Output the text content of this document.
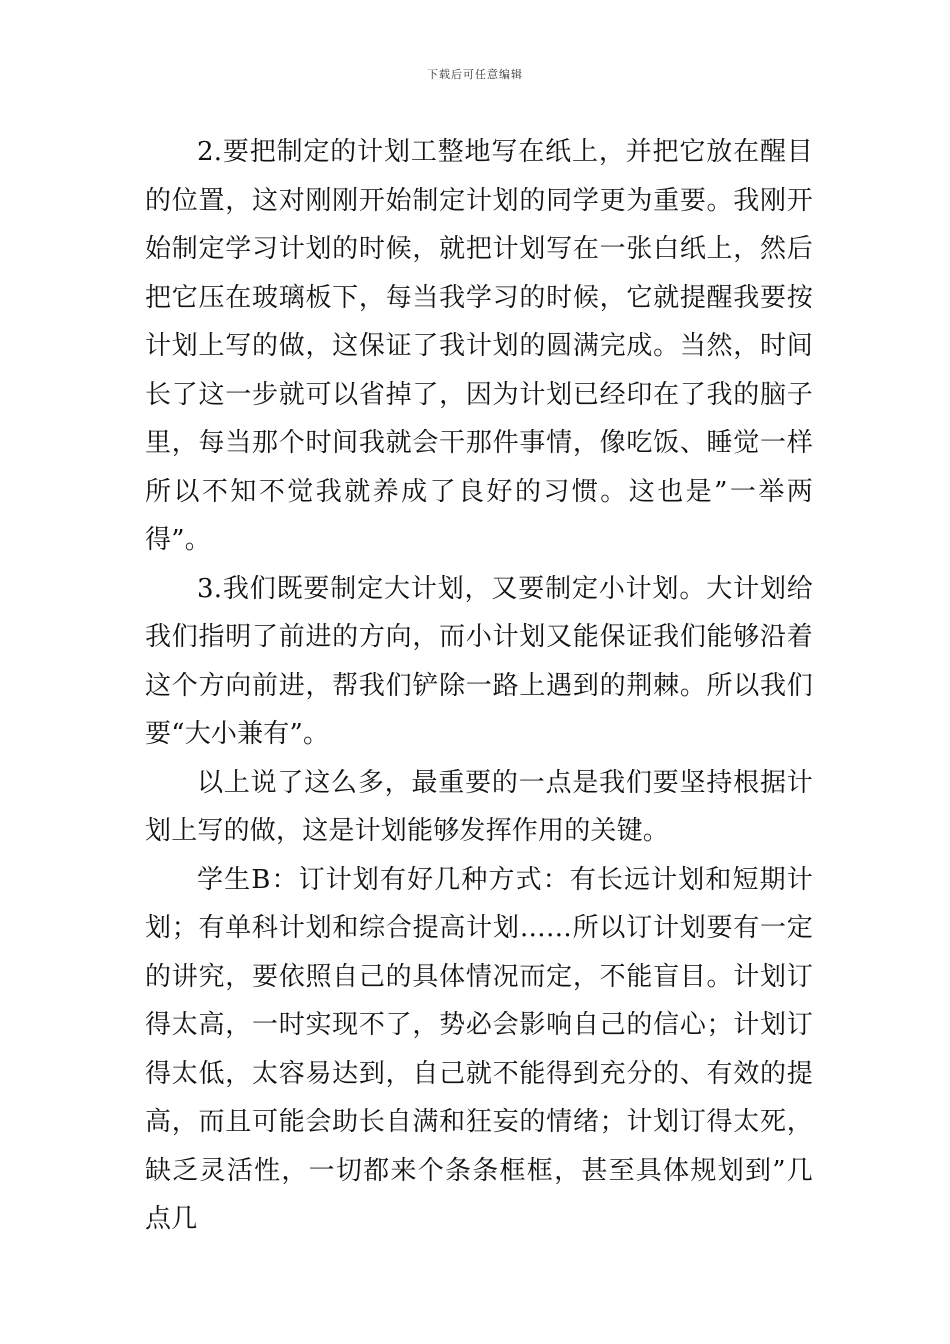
下载后可任意编辑

2.要把制定的计划工整地写在纸上，并把它放在醒目的位置，这对刚刚开始制定计划的同学更为重要。我刚开始制定学习计划的时候，就把计划写在一张白纸上，然后把它压在玻璃板下，每当我学习的时候，它就提醒我要按计划上写的做，这保证了我计划的圆满完成。当然，时间长了这一步就可以省掉了，因为计划已经印在了我的脑子里，每当那个时间我就会干那件事情，像吃饭、睡觉一样所以不知不觉我就养成了良好的习惯。这也是”一举两得”。

3.我们既要制定大计划，又要制定小计划。大计划给我们指明了前进的方向，而小计划又能保证我们能够沿着这个方向前进，帮我们铲除一路上遇到的荆棘。所以我们要“大小兼有”。

以上说了这么多，最重要的一点是我们要坚持根据计划上写的做，这是计划能够发挥作用的关键。

学生B：订计划有好几种方式：有长远计划和短期计划；有单科计划和综合提高计划……所以订计划要有一定的讲究，要依照自己的具体情况而定，不能盲目。计划订得太高，一时实现不了，势必会影响自己的信心；计划订得太低，太容易达到，自己就不能得到充分的、有效的提高，而且可能会助长自满和狂妄的情绪；计划订得太死，缺乏灵活性，一切都来个条条框框，甚至具体规划到”几点几
